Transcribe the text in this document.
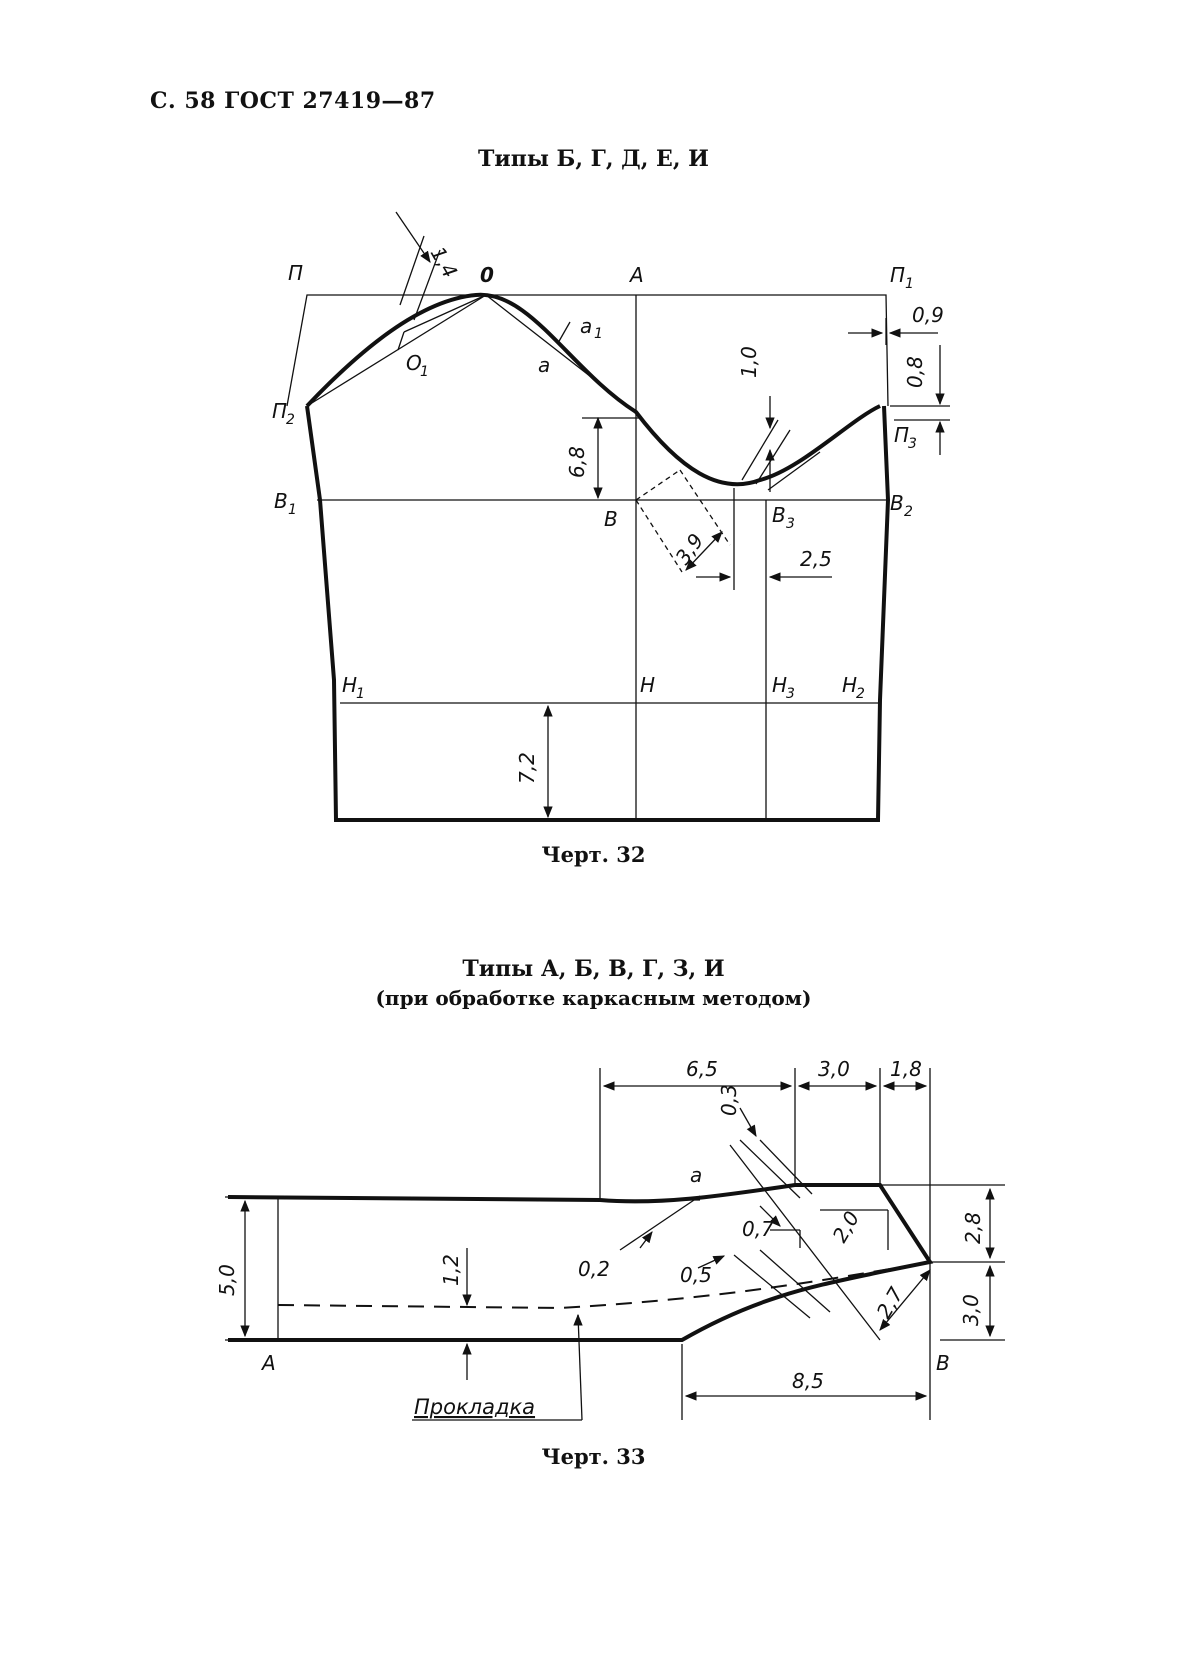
С. 58 ГОСТ 27419—87
Типы Б, Г, Д, Е, И
П	0	А	П 1
а 1
а
О
1
П
2
П
3
В 1	В	В 3
В 2
Н
1	Н	Н
3 Н
2
1,4
0,9
0,8
1,0
6,8
3,9	2,5
7,2
6,5	3,0 1,8
0,3
а
0,7	2,0	2,8
5,0	1,2	0,2	0,5
2,7	3,0
А	В
8,5
Прокладка
Черт. 32
Типы А, Б, В, Г, З, И
(при обработке каркасным методом)
Черт. 33
